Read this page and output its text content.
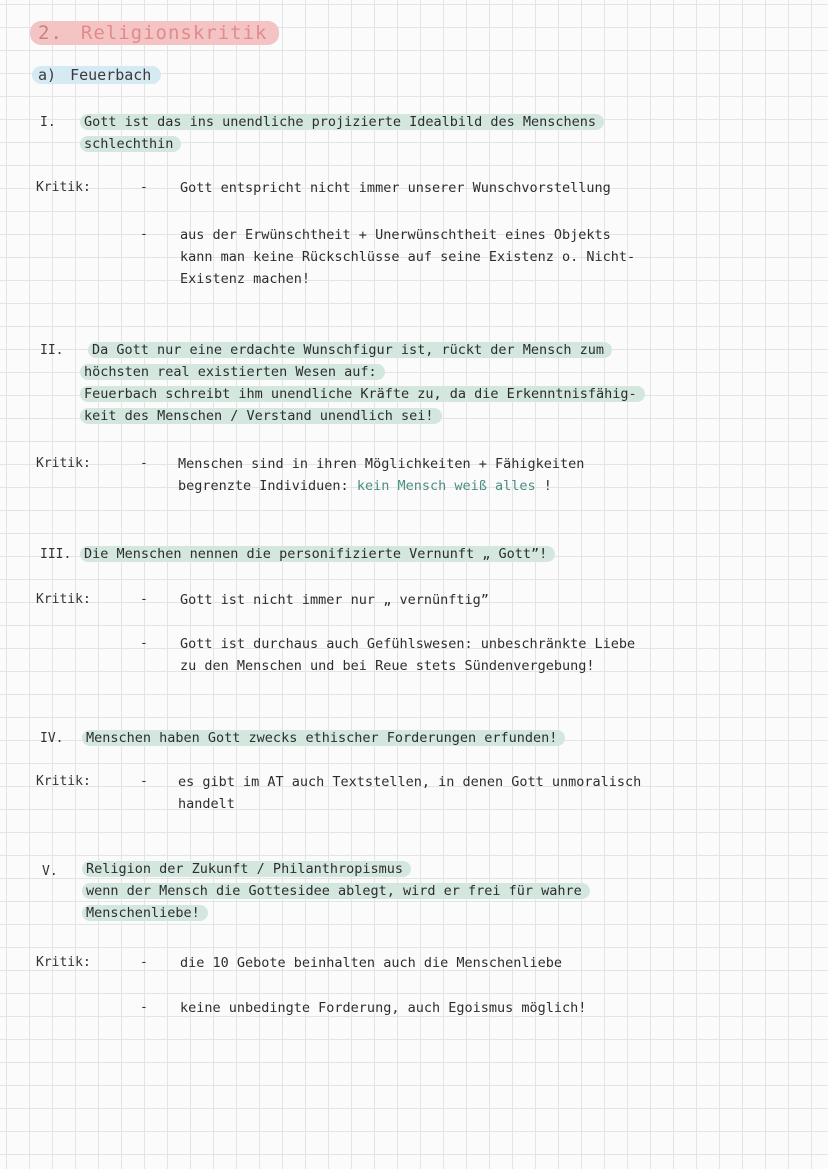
2. Religionskritik
a) Feuerbach
I. Gott ist das ins unendliche projizierte Idealbild des Menschens
schlechthin
Kritik:	- Gott entspricht nicht immer unserer Wunschvorstellung
- aus der Erwünschtheit + Unerwünschtheit eines Objekts
kann man keine Rückschlüsse auf seine Existenz o. Nicht-
Existenz machen!
II.	Da Gott nur eine erdachte Wunschfigur ist, rückt der Mensch zum
höchsten real existierten Wesen auf:
Feuerbach schreibt ihm unendliche Kräfte zu, da die Erkenntnisfähig-
keit des Menschen / Verstand unendlich sei!
Kritik:	- Menschen sind in ihren Möglichkeiten + Fähigkeiten
begrenzte Individuen: kein Mensch weiß alles !
III. Die Menschen nennen die personifizierte Vernunft „ Gott”!
Kritik:	- Gott ist nicht immer nur „ vernünftig”
- Gott ist durchaus auch Gefühlswesen: unbeschränkte Liebe
zu den Menschen und bei Reue stets Sündenvergebung!
IV. Menschen haben Gott zwecks ethischer Forderungen erfunden!
Kritik:	- es gibt im AT auch Textstellen, in denen Gott unmoralisch
handelt
V. Religion der Zukunft / Philanthropismus
wenn der Mensch die Gottesidee ablegt, wird er frei für wahre
Menschenliebe!
Kritik:	- die 10 Gebote beinhalten auch die Menschenliebe
- keine unbedingte Forderung, auch Egoismus möglich!
